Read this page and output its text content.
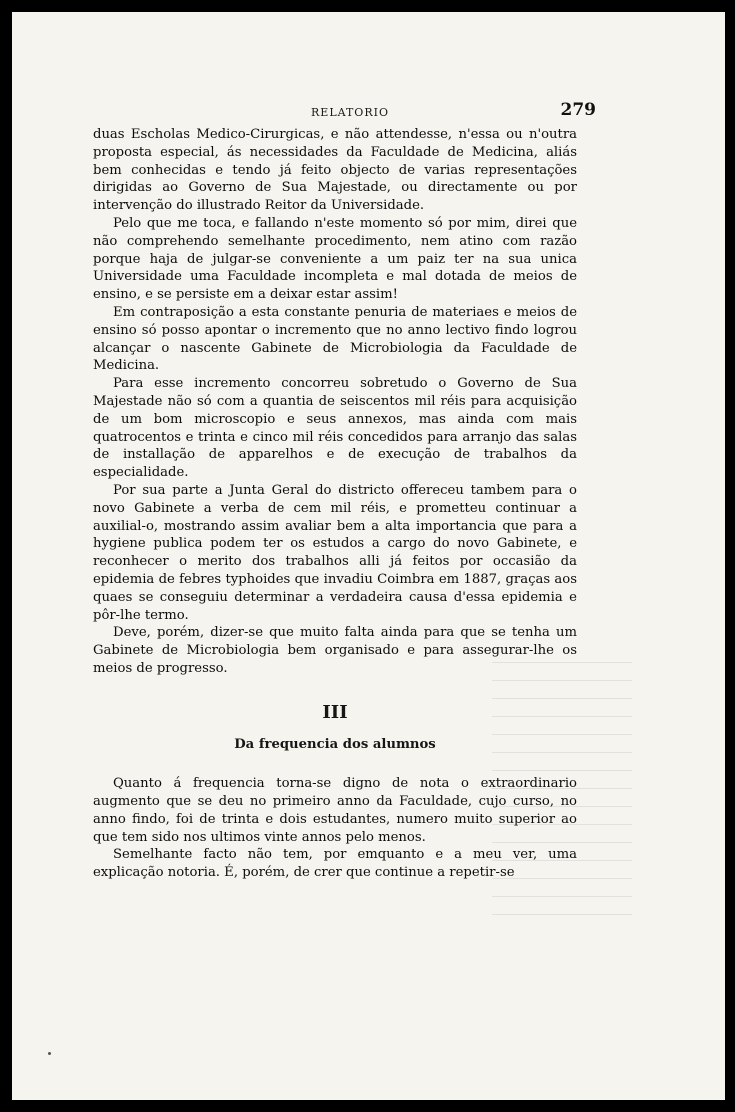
RELATORIO	279

duas Escholas Medico-Cirurgicas, e não attendesse, n'essa ou n'outra proposta especial, ás necessidades da Faculdade de Medicina, aliás bem conhecidas e tendo já feito objecto de varias representações dirigidas ao Governo de Sua Majestade, ou directamente ou por intervenção do illustrado Reitor da Universidade.

Pelo que me toca, e fallando n'este momento só por mim, direi que não comprehendo semelhante procedimento, nem atino com razão porque haja de julgar-se conveniente a um paiz ter na sua unica Universidade uma Faculdade incompleta e mal dotada de meios de ensino, e se persiste em a deixar estar assim!

Em contraposição a esta constante penuria de materiaes e meios de ensino só posso apontar o incremento que no anno lectivo findo logrou alcançar o nascente Gabinete de Microbiologia da Faculdade de Medicina.

Para esse incremento concorreu sobretudo o Governo de Sua Majestade não só com a quantia de seiscentos mil réis para acquisição de um bom microscopio e seus annexos, mas ainda com mais quatrocentos e trinta e cinco mil réis concedidos para arranjo das salas de installação de apparelhos e de execução de trabalhos da especialidade.

Por sua parte a Junta Geral do districto offereceu tambem para o novo Gabinete a verba de cem mil réis, e prometteu continuar a auxilial-o, mostrando assim avaliar bem a alta importancia que para a hygiene publica podem ter os estudos a cargo do novo Gabinete, e reconhecer o merito dos trabalhos alli já feitos por occasião da epidemia de febres typhoides que invadiu Coimbra em 1887, graças aos quaes se conseguiu determinar a verdadeira causa d'essa epidemia e pôr-lhe termo.

Deve, porém, dizer-se que muito falta ainda para que se tenha um Gabinete de Microbiologia bem organisado e para assegurar-lhe os meios de progresso.

III
Da frequencia dos alumnos

Quanto á frequencia torna-se digno de nota o extraordinario augmento que se deu no primeiro anno da Faculdade, cujo curso, no anno findo, foi de trinta e dois estudantes, numero muito superior ao que tem sido nos ultimos vinte annos pelo menos.

Semelhante facto não tem, por emquanto e a meu ver, uma explicação notoria. É, porém, de crer que continue a repetir-se
